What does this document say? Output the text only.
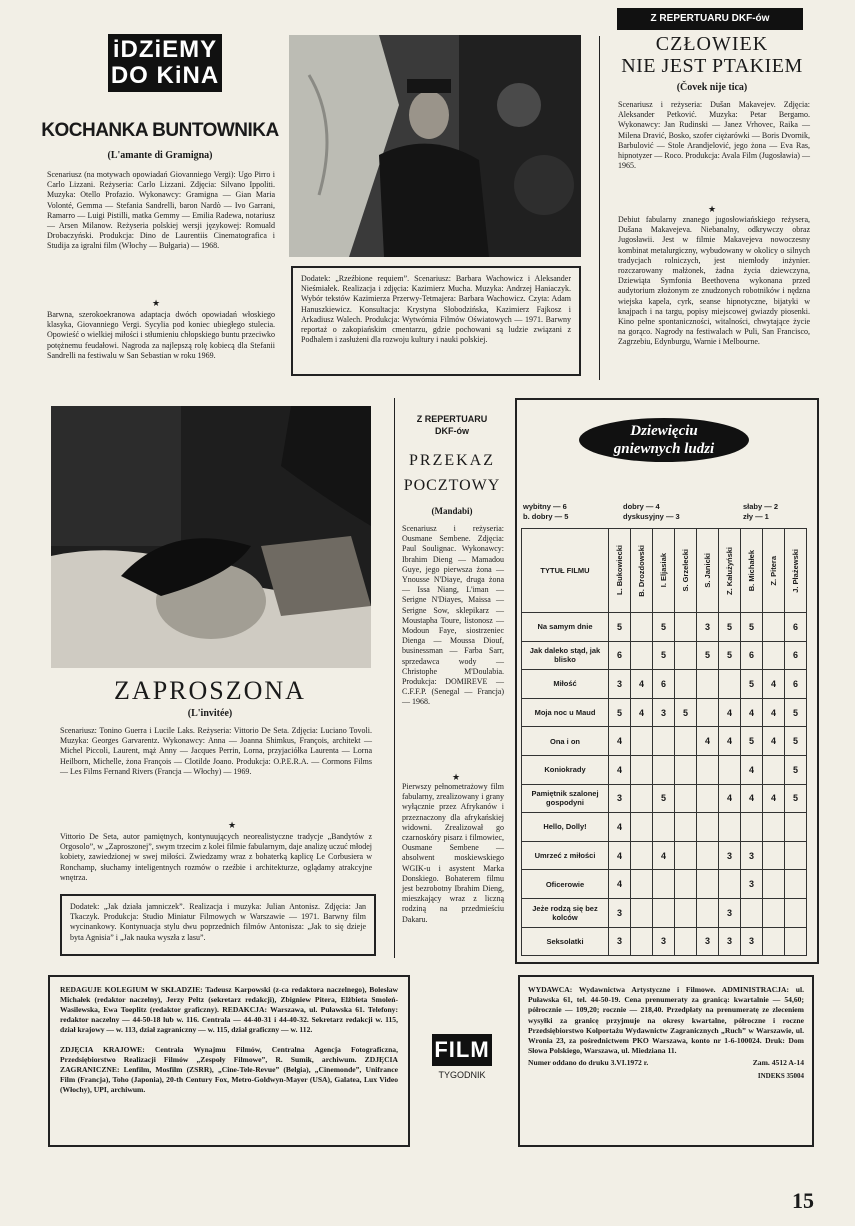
iDZiEMY
DO KiNA
KOCHANKA BUNTOWNIKA
(L'amante di Gramigna)

Scenariusz (na motywach opowiadań Giovanniego Vergi): Ugo Pirro i Carlo Lizzani. Reżyseria: Carlo Lizzani. Zdjęcia: Silvano Ippoliti. Muzyka: Otello Profazio. Wykonawcy: Gramigna — Gian Maria Volonté, Gemma — Stefania Sandrelli, baron Nardò — Ivo Garrani, Ramarro — Luigi Pistilli, matka Gemmy — Emilia Radewa, notariusz — Arsen Milanow. Reżyseria polskiej wersji językowej: Romuald Drobaczyński. Produkcja: Dino de Laurentiis Cinematografica i Studija za igralni film (Włochy — Bułgaria) — 1968.

★

Barwna, szerokoekranowa adaptacja dwóch opowiadań włoskiego klasyka, Giovanniego Vergi. Sycylia pod koniec ubiegłego stulecia. Opowieść o wielkiej miłości i stłumieniu chłopskiego buntu przeciwko potężnemu feudałowi. Nagroda za najlepszą rolę kobiecą dla Stefanii Sandrelli na festiwalu w San Sebastian w roku 1969.

Dodatek: „Rzeźbione requiem”. Scenariusz: Barbara Wachowicz i Aleksander Nieśmiałek. Realizacja i zdjęcia: Kazimierz Mucha. Muzyka: Andrzej Haniaczyk. Wybór tekstów Kazimierza Przerwy-Tetmajera: Barbara Wachowicz. Czyta: Adam Hanuszkiewicz. Konsultacja: Krystyna Słobodzińska, Kazimierz Fajkosz i Arkadiusz Walech. Produkcja: Wytwórnia Filmów Oświatowych — 1971. Barwny reportaż o zakopiańskim cmentarzu, gdzie pochowani są ludzie związani z Podhalem i zasłużeni dla rozwoju kultury i nauki polskiej.

Z REPERTUARU DKF-ów
CZŁOWIEK
NIE JEST PTAKIEM
(Čovek nije tica)

Scenariusz i reżyseria: Dušan Makavejev. Zdjęcia: Aleksander Petković. Muzyka: Petar Bergamo. Wykonawcy: Jan Rudinski — Janez Vrhovec, Raika — Milena Dravić, Bosko, szofer ciężarówki — Boris Dvornik, Barbulović — Stole Arandjelović, jego żona — Eva Ras, hipnotyzer — Roco. Produkcja: Avala Film (Jugosławia) — 1965.

★

Debiut fabularny znanego jugosłowiańskiego reżysera, Dušana Makavejeva. Niebanalny, odkrywczy obraz Jugosławii. Jest w filmie Makavejeva nowoczesny kombinat metalurgiczny, wybudowany w okolicy o silnych tradycjach rolniczych, jest niemłody inżynier. rozczarowany małżonek, żadna życia dziewczyna, Dziewiąta Symfonia Beethovena wykonana przed audytorium złożonym ze znudzonych robotników i nędzna wiejska kapela, cyrk, seanse hipnotyczne, bijatyki w knajpach i na targu, popisy miejscowej gwiazdy piosenki. Kino pełne spontaniczności, witalności, chwytające życie na gorąco. Nagrody na festiwalach w Puli, San Francisco, Zagrzebiu, Edynburgu, Warnie i Melbourne.

ZAPROSZONA
(L'invitée)

Scenariusz: Tonino Guerra i Lucile Laks. Reżyseria: Vittorio De Seta. Zdjęcia: Luciano Tovoli. Muzyka: Georges Garvarentz. Wykonawcy: Anna — Joanna Shimkus, François, architekt — Michel Piccoli, Laurent, mąż Anny — Jacques Perrin, Lorna, przyjaciółka Laurenta — Lorna Heilborn, Michelle, żona François — Clotilde Joano. Produkcja: O.P.E.R.A. — Cormons Films — Les Films Fernand Rivers (Francja — Włochy) — 1969.

★

Vittorio De Seta, autor pamiętnych, kontynuujących neorealistyczne tradycje „Bandytów z Orgosolo”, w „Zaproszonej”, swym trzecim z kolei filmie fabularnym, daje analizę uczuć młodej kobiety, zawiedzionej w swej miłości. Zwiedzamy wraz z bohaterką kaplicę Le Corbusiera w Ronchamp, słuchamy inteligentnych rozmów o rzeźbie i architekturze, oglądamy atrakcyjne wnętrza.

Dodatek: „Jak działa jamniczek”. Realizacja i muzyka: Julian Antonisz. Zdjęcia: Jan Tkaczyk. Produkcja: Studio Miniatur Filmowych w Warszawie — 1971. Barwny film wycinankowy. Kontynuacja stylu dwu poprzednich filmów Antonisza: „Jak to się dzieje byta Agnisia” i „Jak nauka wyszła z lasu”.

Z REPERTUARU
DKF-ów
PRZEKAZ
POCZTOWY
(Mandabi)

Scenariusz i reżyseria: Ousmane Sembene. Zdjęcia: Paul Soulignac. Wykonawcy: Ibrahim Dieng — Mamadou Guye, jego pierwsza żona — Ynousse N'Diaye, druga żona — Issa Niang, L'iman — Serigne N'Diayes, Maissa — Serigne Sow, sklepikarz — Moustapha Toure, listonosz — Modoun Faye, siostrzeniec Dienga — Moussa Diouf, businessman — Farba Sarr, sprzedawca wody — Christophe M'Doulabia. Produkcja: DOMIREVE — C.F.F.P. (Senegal — Francja) — 1968.

★

Pierwszy pełnometrażowy film fabularny, zrealizowany i grany wyłącznie przez Afrykanów i przeznaczony dla afrykańskiej widowni. Zrealizował go czarnoskóry pisarz i filmowiec, Ousmane Sembene — absolwent moskiewskiego WGIK-u i asystent Marka Donskiego. Bohaterem filmu jest bezrobotny Ibrahim Dieng, mieszkający wraz z liczną rodziną na przedmieściu Dakaru.

Dziewięciu
gniewnych ludzi
wybitny — 6
b. dobry — 5
dobry — 4
dyskusyjny — 3
słaby — 2
zły — 1
TYTUŁ FILMU	L. Bukowiecki	B. Drozdowski	I. Eljasiak	S. Grzelecki	S. Janicki	Z. Kałużyński	B. Michałek	Z. Pitera	J. Płażewski

Na samym dnie	5		5		3	5	5		6
Jak daleko stąd, jak blisko	6		5		5	5	6		6
Miłość	3	4	6				5	4	6
Moja noc u Maud	5	4	3	5		4	4	4	5
Ona i on	4				4	4	5	4	5
Koniokrady	4						4		5
Pamiętnik szalonej gospodyni	3		5			4	4	4	5
Hello, Dolly!	4								
Umrzeć z miłości	4		4			3	3		
Oficerowie	4						3		
Jeże rodzą się bez kolców	3					3			
Seksolatki	3		3		3	3	3		

REDAGUJE KOLEGIUM W SKŁADZIE: Tadeusz Karpowski (z-ca redaktora naczelnego), Bolesław Michałek (redaktor naczelny), Jerzy Peltz (sekretarz redakcji), Zbigniew Pitera, Elżbieta Smoleń-Wasilewska, Ewa Toeplitz (redaktor graficzny). REDAKCJA: Warszawa, ul. Puławska 61. Telefony: redaktor naczelny — 44-50-18 lub w. 116. Centrala — 44-40-31 i 44-40-32. Sekretarz redakcji w. 115, dział krajowy — w. 113, dział zagraniczny — w. 115, dział graficzny — w. 112.

ZDJĘCIA KRAJOWE: Centrala Wynajmu Filmów, Centralna Agencja Fotograficzna, Przedsiębiorstwo Realizacji Filmów „Zespoły Filmowe”, R. Sumik, archiwum. ZDJĘCIA ZAGRANICZNE: Lenfilm, Mosfilm (ZSRR), „Cine-Tele-Revue” (Belgia), „Cinemonde”, Unifrance Film (Francja), Toho (Japonia), 20-th Century Fox, Metro-Goldwyn-Mayer (USA), Galatea, Lux Video (Włochy), UPI, archiwum.

FILM
TYGODNIK

WYDAWCA: Wydawnictwa Artystyczne i Filmowe. ADMINISTRACJA: ul. Puławska 61, tel. 44-50-19. Cena prenumeraty za granicą: kwartalnie — 54,60; półrocznie — 109,20; rocznie — 218,40. Przedpłaty na prenumeratę ze zleceniem wysyłki za granicę przyjmuje na okresy kwartalne, półroczne i roczne Przedsiębiorstwo Kolportażu Wydawnictw Zagranicznych „Ruch” w Warszawie, ul. Wronia 23, za pośrednictwem PKO Warszawa, konto nr 1-6-100024. Druk: Dom Słowa Polskiego, Warszawa, ul. Miedziana 11.

Numer oddano do druku 3.VI.1972 r.	Zam. 4512 A-14
INDEKS 35004
15
